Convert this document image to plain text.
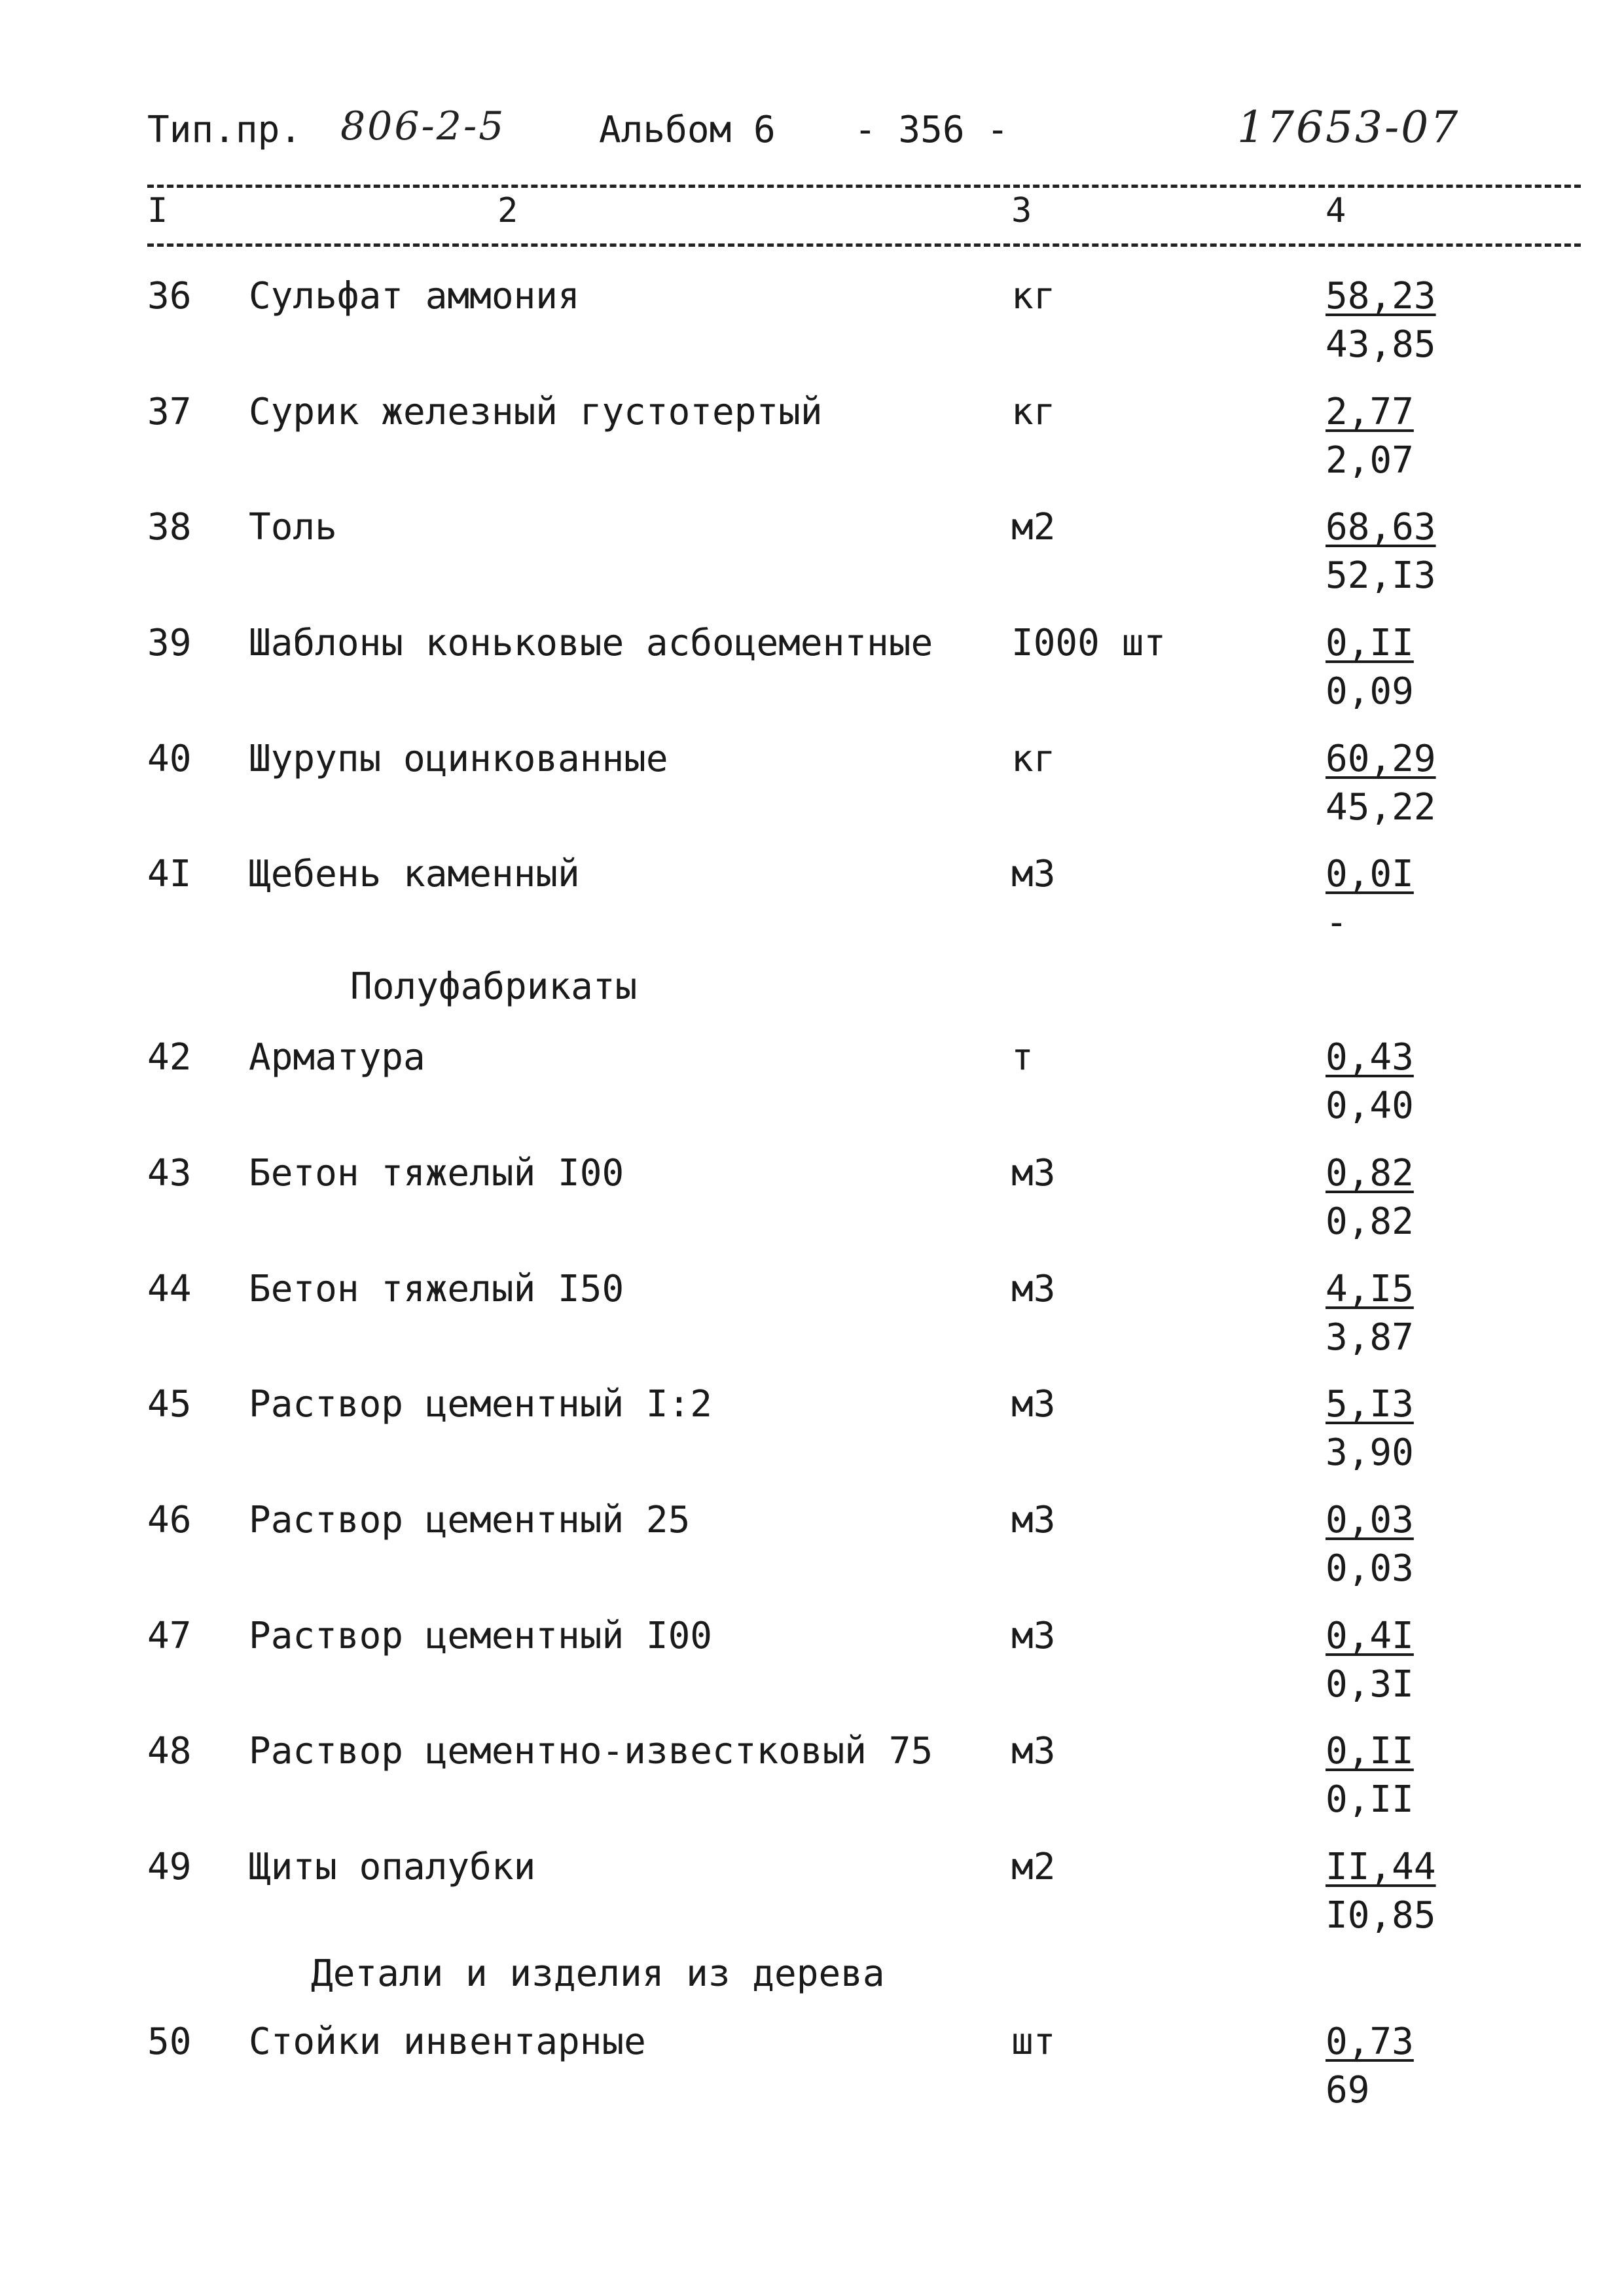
Тип.пр. 806-2-5	Альбом 6 - 356 -	17653-07
I	2	3	4
36 Сульфат аммония	кг	58,23
43,85
37 Сурик железный густотертый	кг	2,77
2,07
38 Толь	м2	68,63
52,I3
39 Шаблоны коньковые асбоцементные I000 шт	0,II
0,09
40 Шурупы оцинкованные	кг	60,29
45,22
4I Щебень каменный	м3	0,0I
-
Полуфабрикаты
42 Арматура	т	0,43
0,40
43 Бетон тяжелый I00	м3	0,82
0,82
44 Бетон тяжелый I50	м3	4,I5
3,87
45 Раствор цементный I:2	м3	5,I3
3,90
46 Раствор цементный 25	м3	0,03
0,03
47 Раствор цементный I00	м3	0,4I
0,3I
48 Раствор цементно-известковый 75 м3	0,II
0,II
49 Щиты опалубки	м2	II,44
I0,85
Детали и изделия из дерева
50 Стойки инвентарные	шт	0,73
69
